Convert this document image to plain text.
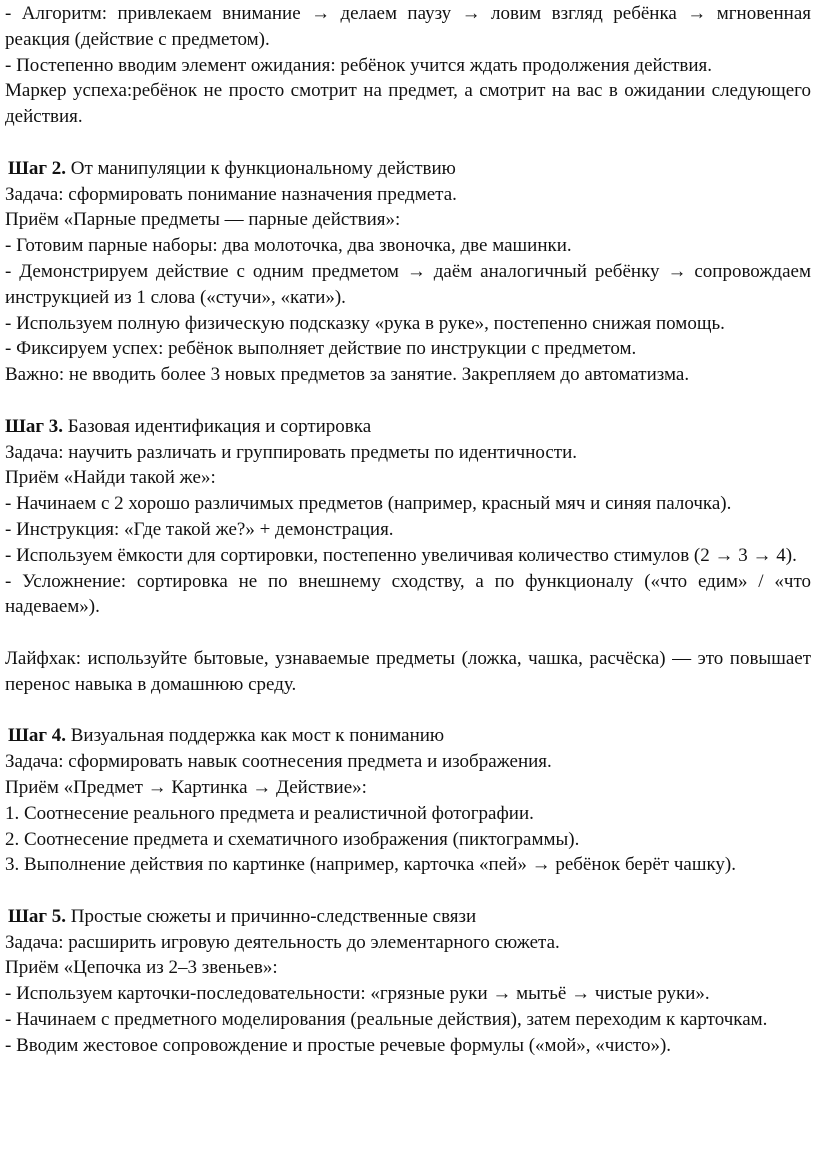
- Алгоритм: привлекаем внимание → делаем паузу → ловим взгляд ребёнка → мгновенная реакция (действие с предметом).

- Постепенно вводим элемент ожидания: ребёнок учится ждать продолжения действия.

Маркер успеха:ребёнок не просто смотрит на предмет, а смотрит на вас в ожидании следующего действия.

Шаг 2. От манипуляции к функциональному действию

Задача: сформировать понимание назначения предмета.

Приём «Парные предметы — парные действия»:

- Готовим парные наборы: два молоточка, два звоночка, две машинки.

- Демонстрируем действие с одним предметом → даём аналогичный ребёнку → сопровождаем инструкцией из 1 слова («стучи», «кати»).

- Используем полную физическую подсказку «рука в руке», постепенно снижая помощь.

- Фиксируем успех: ребёнок выполняет действие по инструкции с предметом.

Важно: не вводить более 3 новых предметов за занятие. Закрепляем до автоматизма.

Шаг 3. Базовая идентификация и сортировка

Задача: научить различать и группировать предметы по идентичности.

Приём «Найди такой же»:

- Начинаем с 2 хорошо различимых предметов (например, красный мяч и синяя палочка).

- Инструкция: «Где такой же?» + демонстрация.

- Используем ёмкости для сортировки, постепенно увеличивая количество стимулов (2 → 3 → 4).

- Усложнение: сортировка не по внешнему сходству, а по функционалу («что едим» / «что надеваем»).

Лайфхак: используйте бытовые, узнаваемые предметы (ложка, чашка, расчёска) — это повышает перенос навыка в домашнюю среду.

Шаг 4. Визуальная поддержка как мост к пониманию

Задача: сформировать навык соотнесения предмета и изображения.

Приём «Предмет → Картинка → Действие»:

1. Соотнесение реального предмета и реалистичной фотографии.

2. Соотнесение предмета и схематичного изображения (пиктограммы).

3. Выполнение действия по картинке (например, карточка «пей» → ребёнок берёт чашку).

Шаг 5. Простые сюжеты и причинно-следственные связи

Задача: расширить игровую деятельность до элементарного сюжета.

Приём «Цепочка из 2–3 звеньев»:

- Используем карточки-последовательности: «грязные руки → мытьё → чистые руки».

- Начинаем с предметного моделирования (реальные действия), затем переходим к карточкам.

- Вводим жестовое сопровождение и простые речевые формулы («мой», «чисто»).
